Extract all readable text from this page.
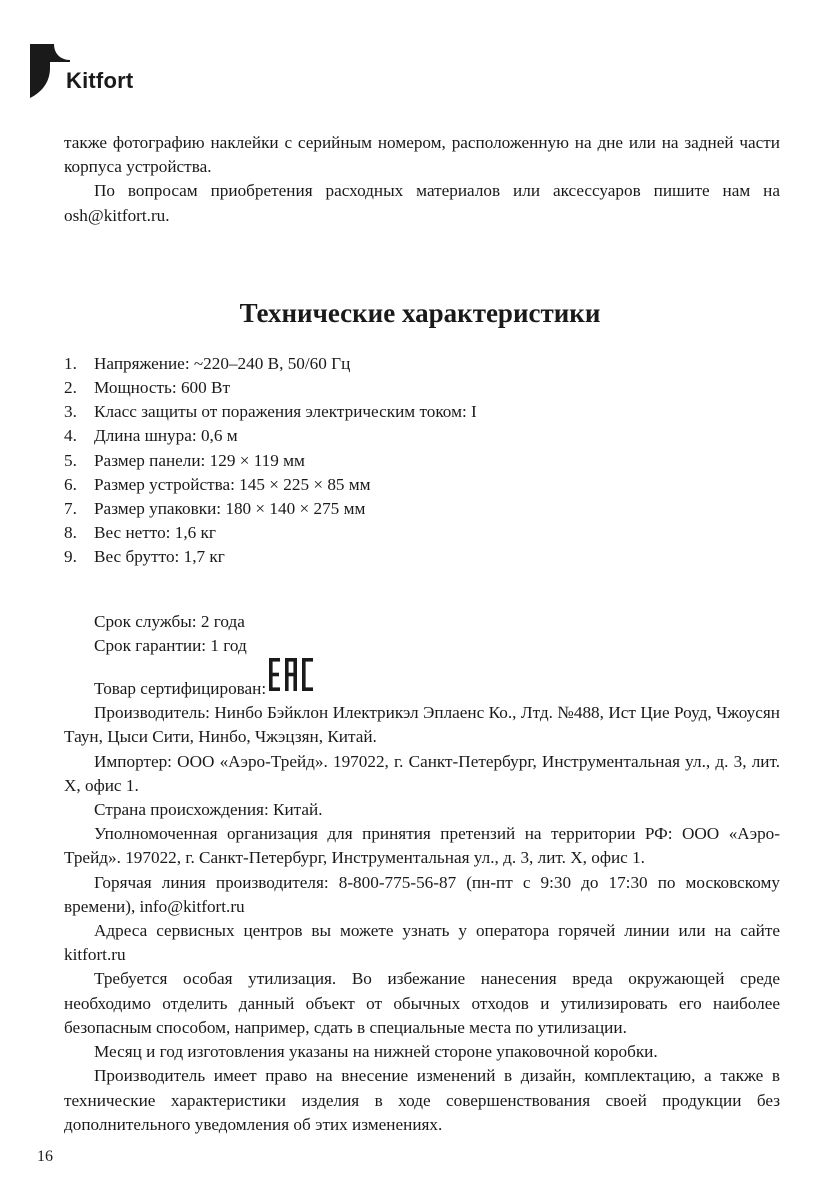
Kitfort
также фотографию наклейки с серийным номером, расположенную на дне или на задней части корпуса устройства.
По вопросам приобретения расходных материалов или аксессуаров пишите нам на osh@kitfort.ru.
Технические характеристики
1. Напряжение: ~220–240 В, 50/60 Гц
2. Мощность: 600 Вт
3. Класс защиты от поражения электрическим током: I
4. Длина шнура: 0,6 м
5. Размер панели: 129 × 119 мм
6. Размер устройства: 145 × 225 × 85 мм
7. Размер упаковки: 180 × 140 × 275 мм
8. Вес нетто: 1,6 кг
9. Вес брутто: 1,7 кг
Срок службы: 2 года
Срок гарантии: 1 год
Товар сертифицирован:
Производитель: Нинбо Бэйклон Илектрикэл Эплаенс Ко., Лтд. №488, Ист Цие Роуд, Чжоусян Таун, Цыси Сити, Нинбо, Чжэцзян, Китай.
Импортер: ООО «Аэро-Трейд». 197022, г. Санкт-Петербург, Инструментальная ул., д. 3, лит. Х, офис 1.
Страна происхождения: Китай.
Уполномоченная организация для принятия претензий на территории РФ: ООО «Аэро-Трейд». 197022, г. Санкт-Петербург, Инструментальная ул., д. 3, лит. Х, офис 1.
Горячая линия производителя: 8-800-775-56-87 (пн-пт с 9:30 до 17:30 по московскому времени), info@kitfort.ru
Адреса сервисных центров вы можете узнать у оператора горячей линии или на сайте kitfort.ru
Требуется особая утилизация. Во избежание нанесения вреда окружающей среде необходимо отделить данный объект от обычных отходов и утилизировать его наиболее безопасным способом, например, сдать в специальные места по утилизации.
Месяц и год изготовления указаны на нижней стороне упаковочной коробки.
Производитель имеет право на внесение изменений в дизайн, комплектацию, а также в технические характеристики изделия в ходе совершенствования своей продукции без дополнительного уведомления об этих изменениях.
16
